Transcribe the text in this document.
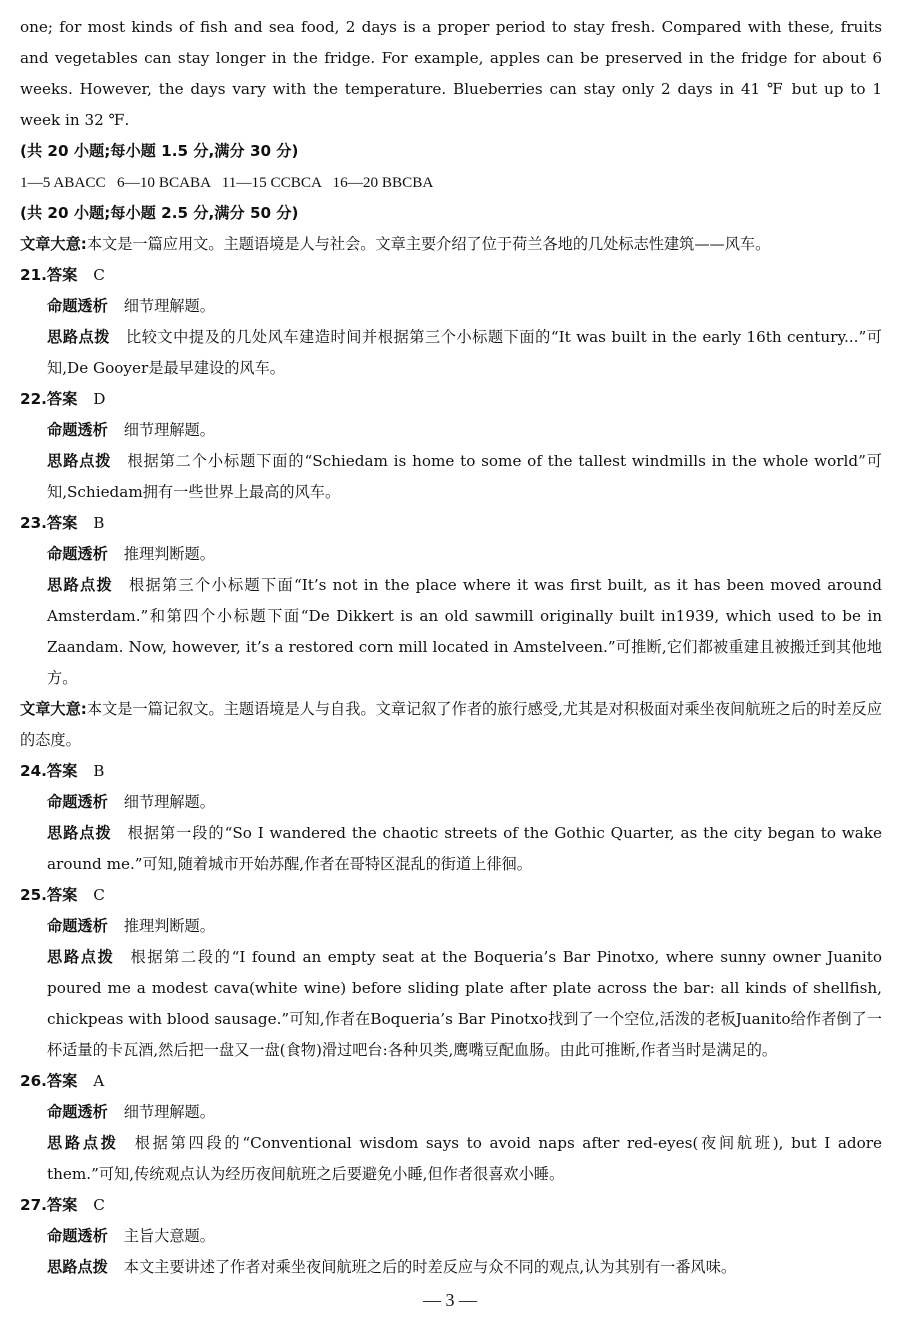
one; for most kinds of fish and sea food, 2 days is a proper period to stay fresh. Compared with these, fruits and vegetables can stay longer in the fridge. For example, apples can be preserved in the fridge for about 6 weeks. However, the days vary with the temperature. Blueberries can stay only 2 days in 41 ℉ but up to 1 week in 32 ℉.

(共 20 小题;每小题 1.5 分,满分 30 分)

1—5 ABACC   6—10 BCABA   11—15 CCBCA   16—20 BBCBA

(共 20 小题;每小题 2.5 分,满分 50 分)

文章大意:本文是一篇应用文。主题语境是人与社会。文章主要介绍了位于荷兰各地的几处标志性建筑——风车。

21.答案 C

命题透析 细节理解题。

思路点拨 比较文中提及的几处风车建造时间并根据第三个小标题下面的“It was built in the early 16th century...”可知,De Gooyer是最早建设的风车。

22.答案 D

命题透析 细节理解题。

思路点拨 根据第二个小标题下面的“Schiedam is home to some of the tallest windmills in the whole world”可知,Schiedam拥有一些世界上最高的风车。

23.答案 B

命题透析 推理判断题。

思路点拨 根据第三个小标题下面“It’s not in the place where it was first built, as it has been moved around Amsterdam.”和第四个小标题下面“De Dikkert is an old sawmill originally built in1939, which used to be in Zaandam. Now, however, it’s a restored corn mill located in Amstelveen.”可推断,它们都被重建且被搬迁到其他地方。

文章大意:本文是一篇记叙文。主题语境是人与自我。文章记叙了作者的旅行感受,尤其是对积极面对乘坐夜间航班之后的时差反应的态度。

24.答案 B

命题透析 细节理解题。

思路点拨 根据第一段的“So I wandered the chaotic streets of the Gothic Quarter, as the city began to wake around me.”可知,随着城市开始苏醒,作者在哥特区混乱的街道上徘徊。

25.答案 C

命题透析 推理判断题。

思路点拨 根据第二段的“I found an empty seat at the Boqueria’s Bar Pinotxo, where sunny owner Juanito poured me a modest cava(white wine) before sliding plate after plate across the bar: all kinds of shellfish, chickpeas with blood sausage.”可知,作者在Boqueria’s Bar Pinotxo找到了一个空位,活泼的老板Juanito给作者倒了一杯适量的卡瓦酒,然后把一盘又一盘(食物)滑过吧台:各种贝类,鹰嘴豆配血肠。由此可推断,作者当时是满足的。

26.答案 A

命题透析 细节理解题。

思路点拨 根据第四段的“Conventional wisdom says to avoid naps after red-eyes(夜间航班), but I adore them.”可知,传统观点认为经历夜间航班之后要避免小睡,但作者很喜欢小睡。

27.答案 C

命题透析 主旨大意题。

思路点拨 本文主要讲述了作者对乘坐夜间航班之后的时差反应与众不同的观点,认为其别有一番风味。

— 3 —
